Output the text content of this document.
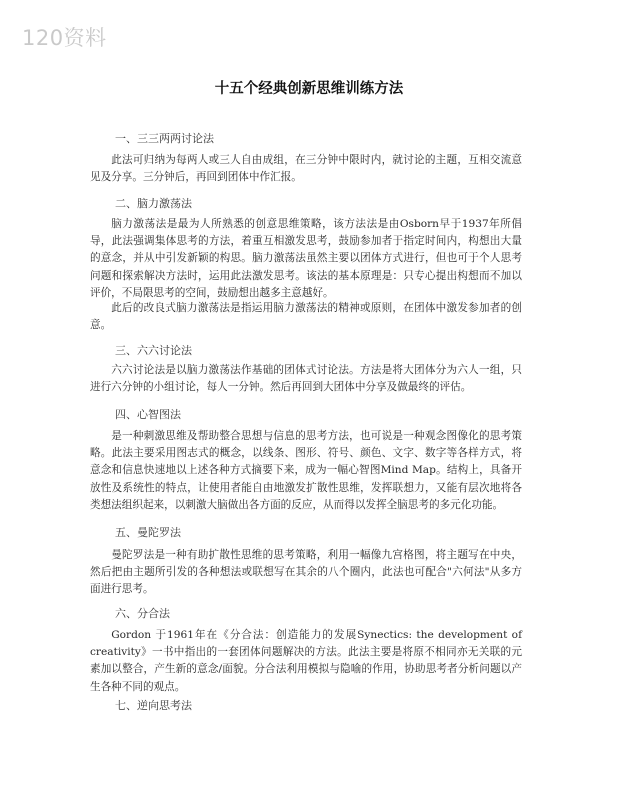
120资料
十五个经典创新思维训练方法
一、三三两两讨论法
此法可归纳为每两人或三人自由成组，在三分钟中限时内，就讨论的主题，互相交流意见及分享。三分钟后，再回到团体中作汇报。
二、脑力激荡法
脑力激荡法是最为人所熟悉的创意思维策略，该方法法是由Osborn早于1937年所倡导，此法强调集体思考的方法，着重互相激发思考，鼓励参加者于指定时间内，构想出大量的意念，并从中引发新颖的构思。脑力激荡法虽然主要以团体方式进行，但也可于个人思考问题和探索解决方法时，运用此法激发思考。该法的基本原理是：只专心提出构想而不加以评价，不局限思考的空间，鼓励想出越多主意越好。
此后的改良式脑力激荡法是指运用脑力激荡法的精神或原则，在团体中激发参加者的创意。
三、六六讨论法
六六讨论法是以脑力激荡法作基础的团体式讨论法。方法是将大团体分为六人一组，只进行六分钟的小组讨论，每人一分钟。然后再回到大团体中分享及做最终的评估。
四、心智图法
是一种刺激思维及帮助整合思想与信息的思考方法，也可说是一种观念图像化的思考策略。此法主要采用图志式的概念，以线条、图形、符号、颜色、文字、数字等各样方式，将意念和信息快速地以上述各种方式摘要下来，成为一幅心智图Mind Map。结构上，具备开放性及系统性的特点，让使用者能自由地激发扩散性思维，发挥联想力，又能有层次地将各类想法组织起来，以刺激大脑做出各方面的反应，从而得以发挥全脑思考的多元化功能。
五、曼陀罗法
曼陀罗法是一种有助扩散性思维的思考策略，利用一幅像九宫格图，将主题写在中央，然后把由主题所引发的各种想法或联想写在其余的八个圈内，此法也可配合"六何法"从多方面进行思考。
六、分合法
Gordon 于1961年在《分合法：创造能力的发展Synectics: the development of creativity》一书中指出的一套团体问题解决的方法。此法主要是将原不相同亦无关联的元素加以整合，产生新的意念/面貌。分合法利用模拟与隐喻的作用，协助思考者分析问题以产生各种不同的观点。
七、逆向思考法
